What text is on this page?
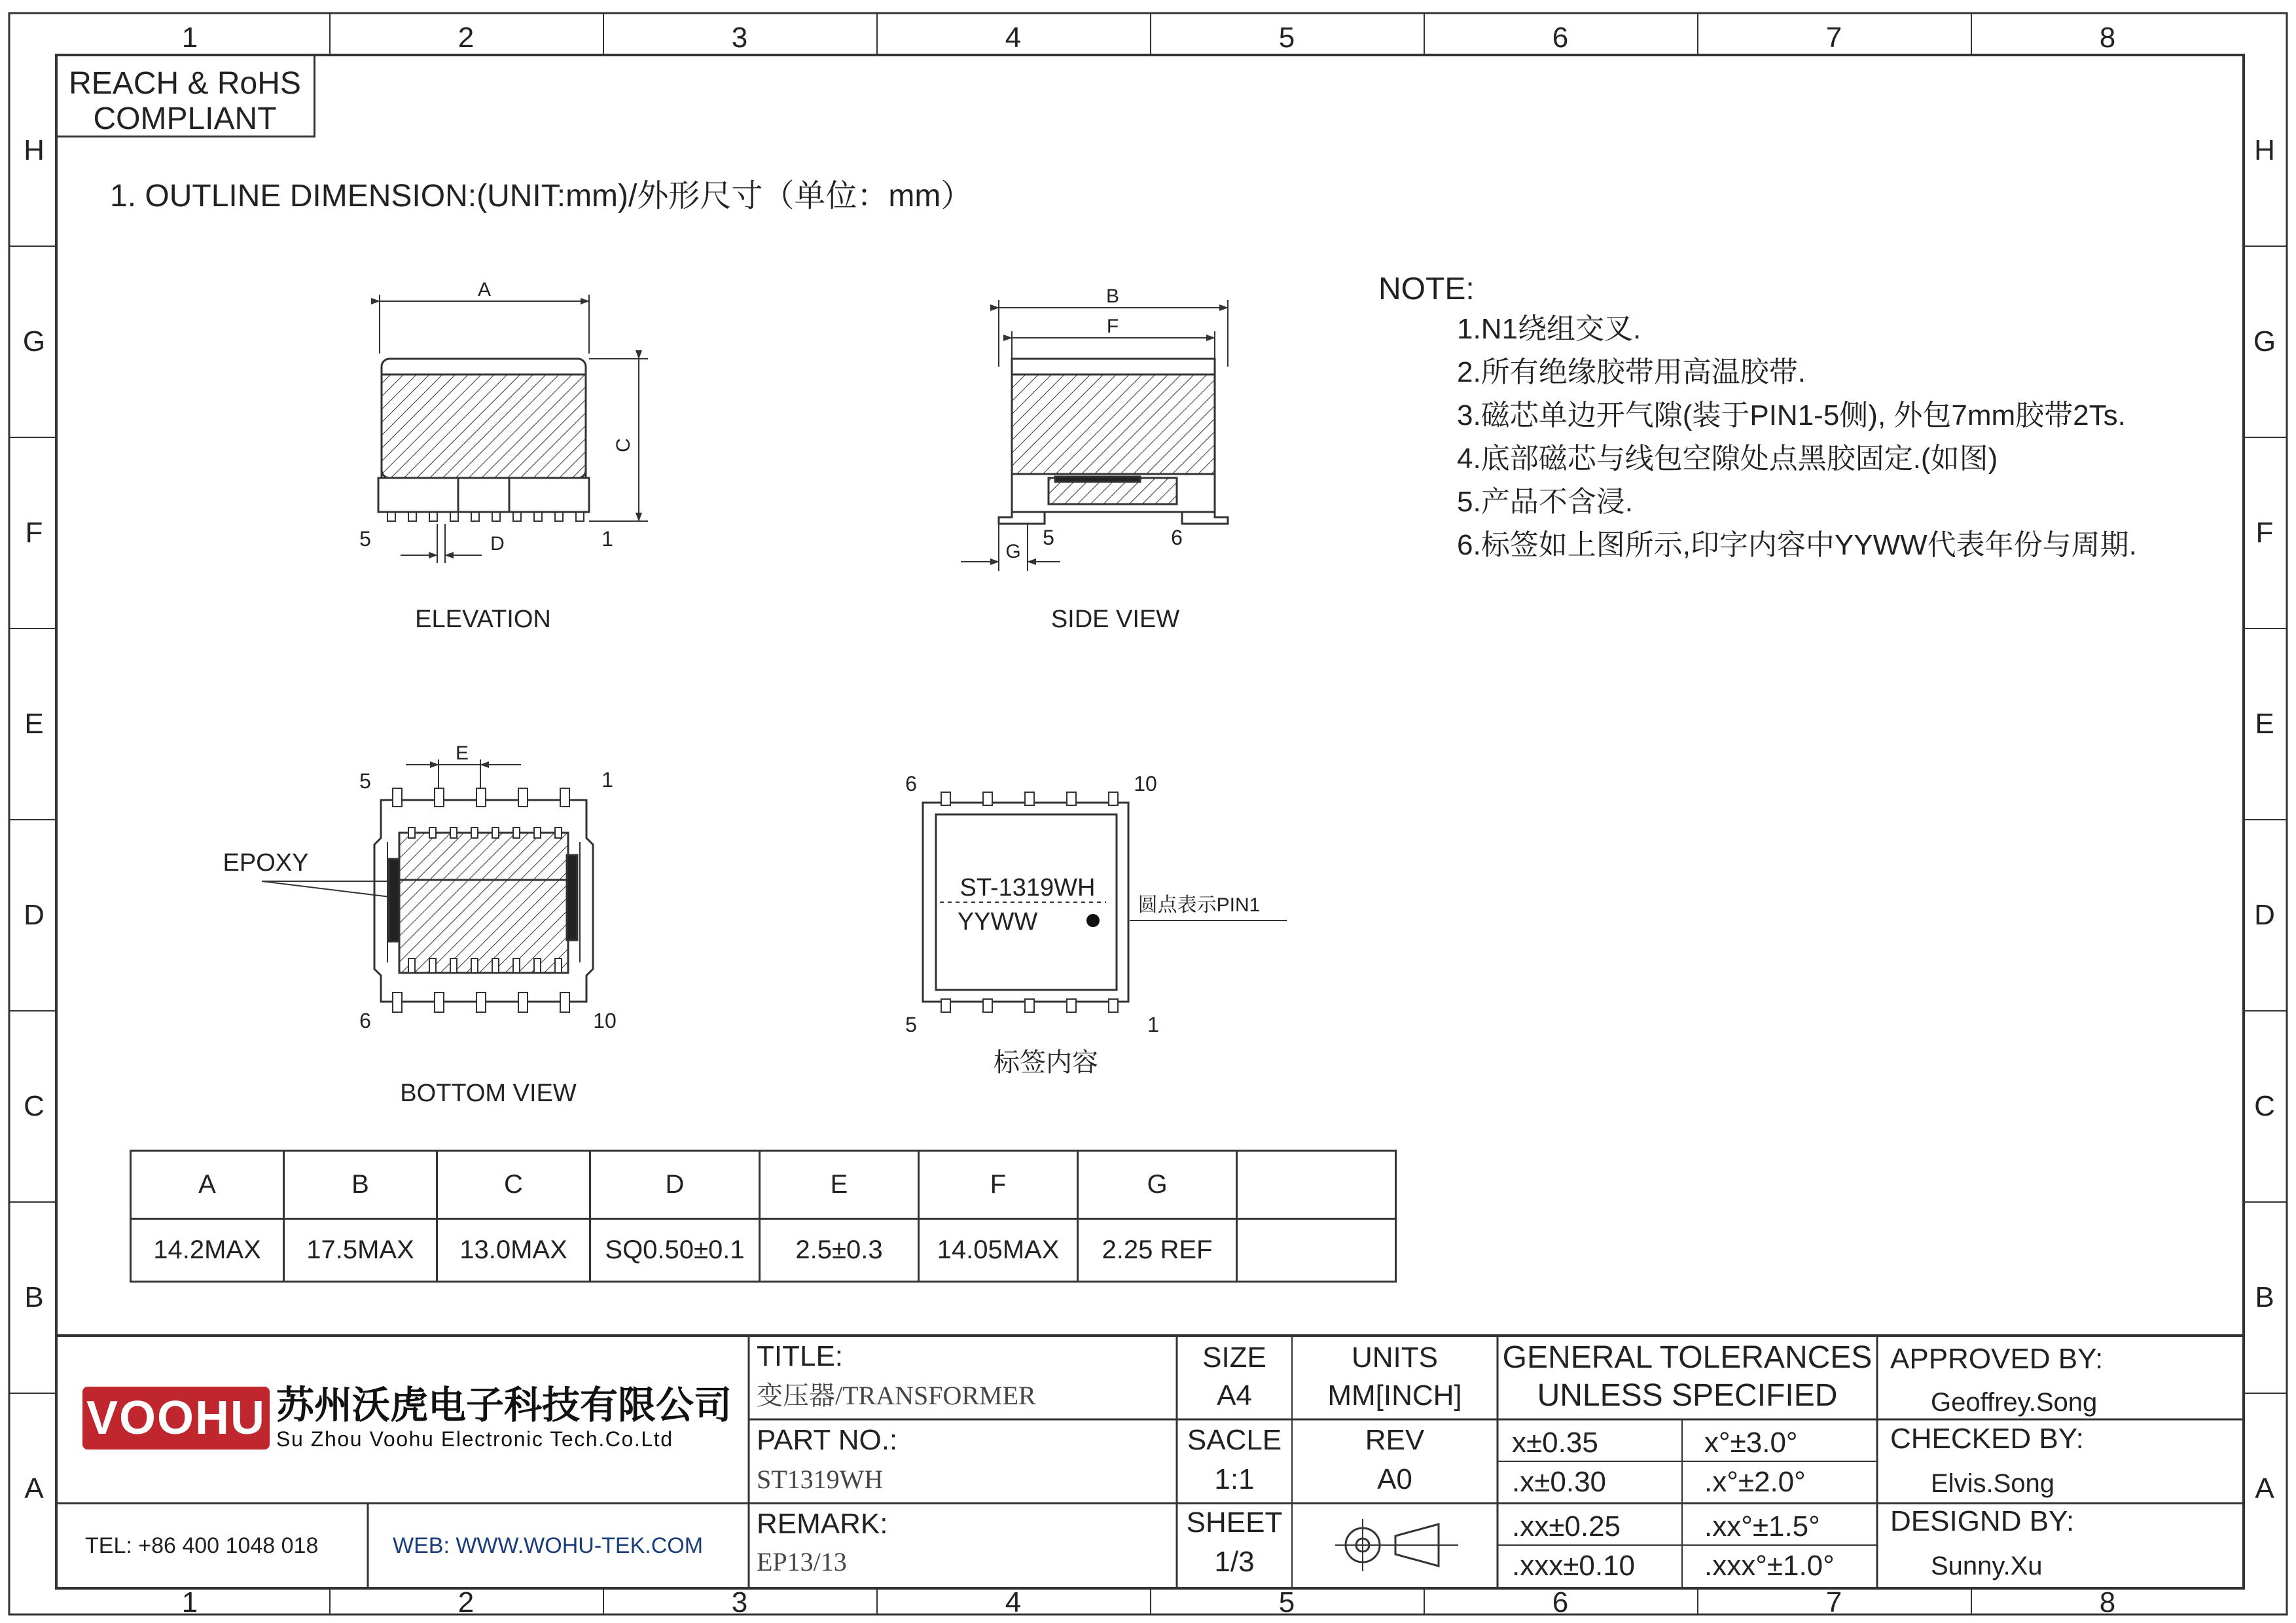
1	2	3	4	5	6	7	8
1	2	3	4	5	6	7	8
H
G
F
E
D
C
B
A
H
G
F
E
D
C
B
A
REACH & RoHS
COMPLIANT
1. OUTLINE DIMENSION:(UNIT:mm)/外形尺寸（单位：mm）
A
C
D
5	1
ELEVATION
B
F
G
5	6
SIDE VIEW
E
EPOXY
5	1
6	10
BOTTOM VIEW
ST-1319WH
YYWW
圆点表示PIN1
6	10
5	1
标签内容
NOTE:
1.N1绕组交叉.
2.所有绝缘胶带用高温胶带.
3.磁芯单边开气隙(装于PIN1-5侧), 外包7mm胶带2Ts.
4.底部磁芯与线包空隙处点黑胶固定.(如图)
5.产品不含浸.
6.标签如上图所示,印字内容中YYWW代表年份与周期.
A	B	C	D	E	F	G	
14.2MAX	17.5MAX	13.0MAX	SQ0.50±0.1	2.5±0.3	14.05MAX	2.25 REF	
VOOHU 苏州沃虎电子科技有限公司
Su Zhou Voohu Electronic Tech.Co.Ltd
TEL: +86 400 1048 018	WEB: WWW.WOHU-TEK.COM
TITLE:
变压器/TRANSFORMER
PART NO.:
ST1319WH
REMARK:
EP13/13
SIZE
A4
UNITS
MM[INCH]
SACLE
1:1
REV
A0
SHEET
1/3
GENERAL TOLERANCES
UNLESS SPECIFIED
x±0.35	x°±3.0°
.x±0.30	.x°±2.0°
.xx±0.25	.xx°±1.5°
.xxx±0.10 .xxx°±1.0°
APPROVED BY:
Geoffrey.Song
CHECKED BY:
Elvis.Song
DESIGND BY:
Sunny.Xu
